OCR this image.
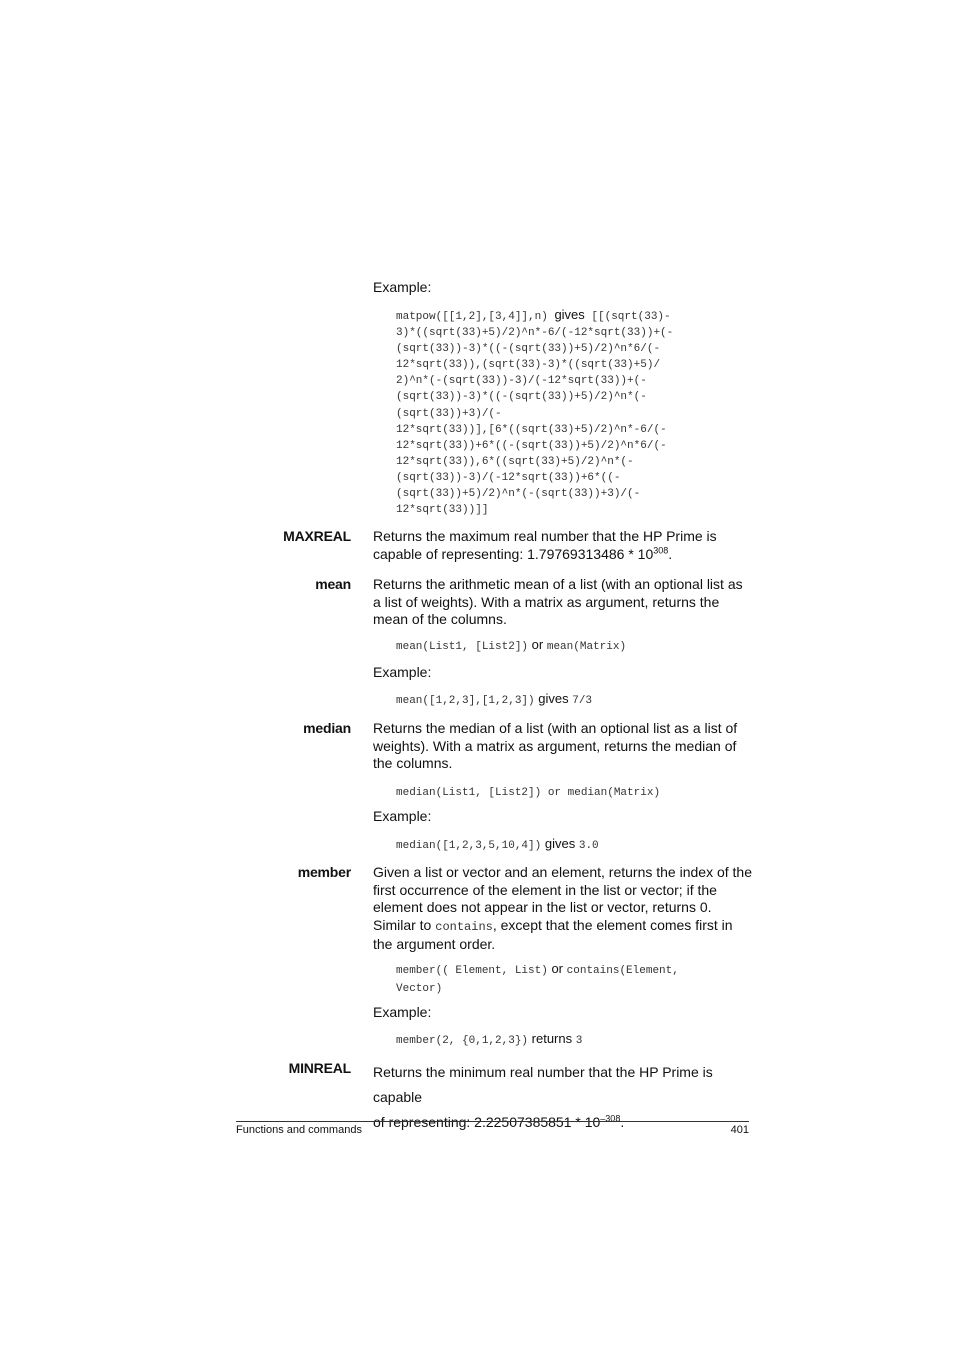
Example:
matpow([[1,2],[3,4]],n) gives [[(sqrt(33)-
3)*((sqrt(33)+5)/2)^n*-6/(-12*sqrt(33))+(-
(sqrt(33))-3)*((-(sqrt(33))+5)/2)^n*6/(-
12*sqrt(33)),(sqrt(33)-3)*((sqrt(33)+5)/
2)^n*(-(sqrt(33))-3)/(-12*sqrt(33))+(-
(sqrt(33))-3)*((-(sqrt(33))+5)/2)^n*(-
(sqrt(33))+3)/(-
12*sqrt(33))],[6*((sqrt(33)+5)/2)^n*-6/(-
12*sqrt(33))+6*((-(sqrt(33))+5)/2)^n*6/(-
12*sqrt(33)),6*((sqrt(33)+5)/2)^n*(-
(sqrt(33))-3)/(-12*sqrt(33))+6*((-
(sqrt(33))+5)/2)^n*(-(sqrt(33))+3)/(-
12*sqrt(33))]]
MAXREAL Returns the maximum real number that the HP Prime is
capable of representing: $1.79769313486 * 10^{308}$.
mean Returns the arithmetic mean of a list (with an optional list as a list of weights). With a matrix as argument, returns the mean of the columns.
mean(List1, [List2]) or mean(Matrix)
Example:
mean([1,2,3],[1,2,3]) gives 7/3
median Returns the median of a list (with an optional list as a list of weights). With a matrix as argument, returns the median of the columns.
median(List1, [List2]) or median(Matrix)
Example:
median([1,2,3,5,10,4]) gives 3.0
member Given a list or vector and an element, returns the index of the first occurrence of the element in the list or vector; if the element does not appear in the list or vector, returns 0. Similar to contains, except that the element comes first in the argument order.
member(( Element, List) or contains(Element,
Vector)
Example:
member(2, {0,1,2,3}) returns 3
MINREAL Returns the minimum real number that the HP Prime is capable
of representing: $2.22507385851 * 10^{-308}$.
Functions and commands	401
